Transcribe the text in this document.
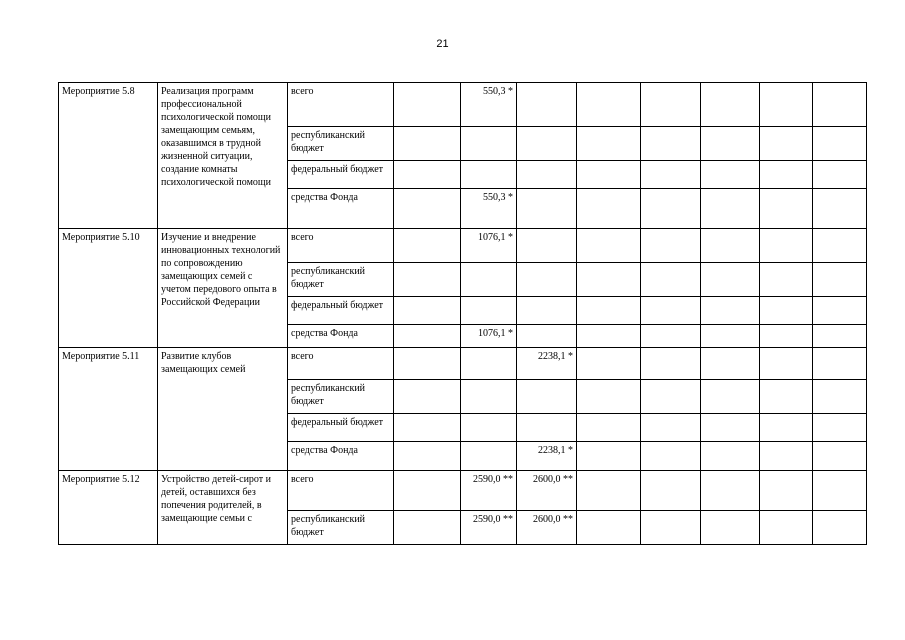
21
Мероприятие 5.8	Реализация программ профессиональной психологической помощи замещающим семьям, оказавшимся в трудной жизненной ситуации, создание комнаты психологической помощи	всего		550,3 *						
		республиканский бюджет								
		федеральный бюджет								
		средства Фонда		550,3 *						
Мероприятие 5.10	Изучение и внедрение инновационных технологий по сопровождению замещающих семей с учетом передового опыта в Российской Федерации	всего		1076,1 *						
		республиканский бюджет								
		федеральный бюджет								
		средства Фонда		1076,1 *						
Мероприятие 5.11	Развитие клубов замещающих семей	всего			2238,1 *					
		республиканский бюджет								
		федеральный бюджет								
		средства Фонда			2238,1 *					
Мероприятие 5.12	Устройство детей-сирот и детей, оставшихся без попечения родителей, в замещающие семьи с	всего		2590,0 **	2600,0 **					
		республиканский бюджет		2590,0 **	2600,0 **					
